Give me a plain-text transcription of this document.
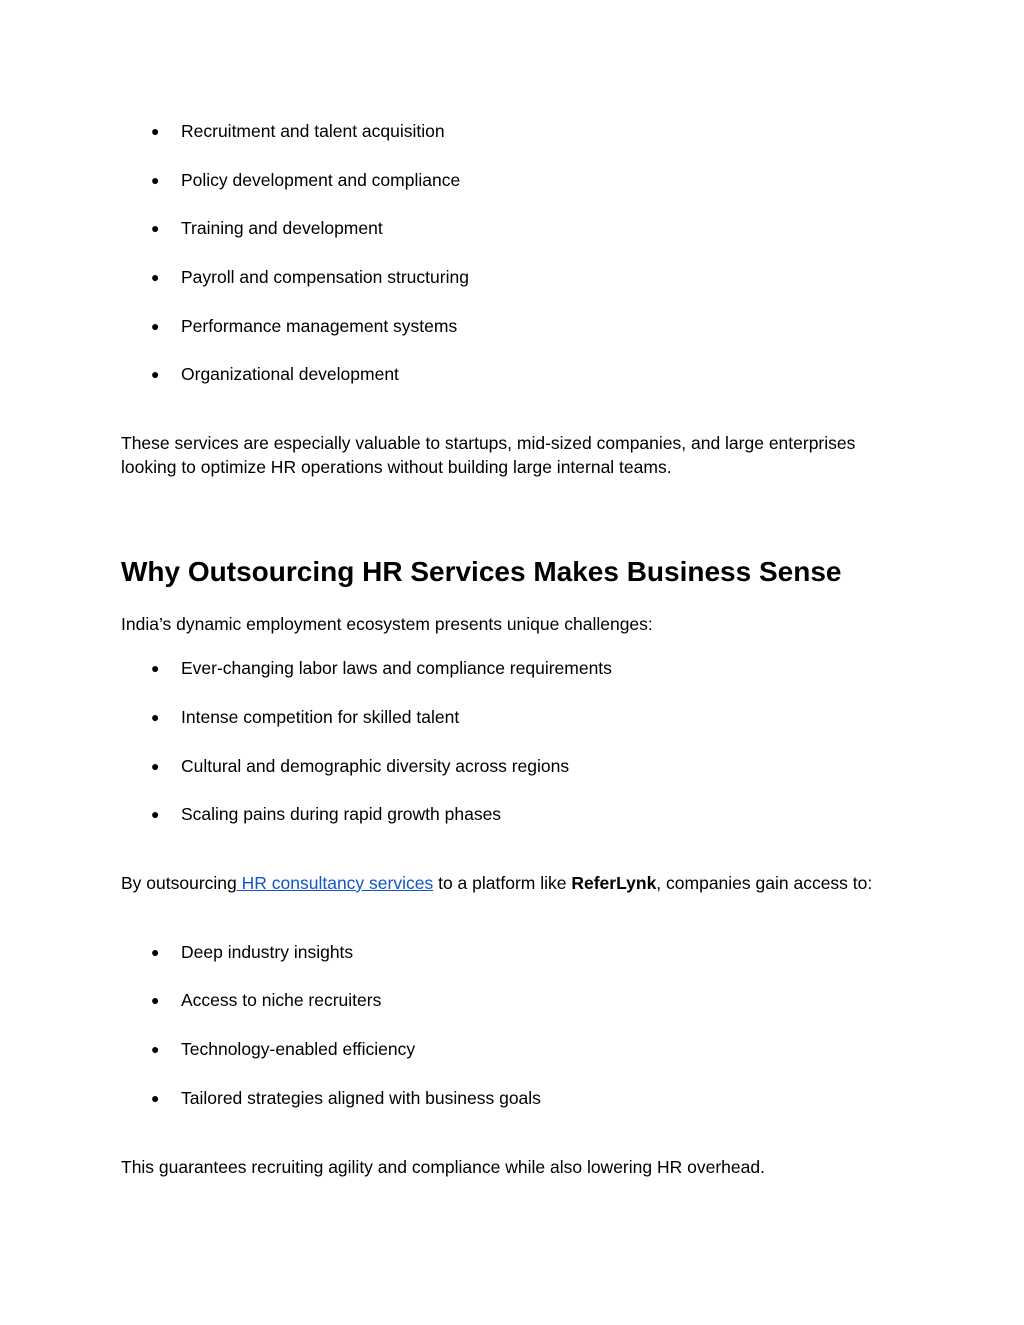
● Recruitment and talent acquisition
● Policy development and compliance
● Training and development
● Payroll and compensation structuring
● Performance management systems
● Organizational development

These services are especially valuable to startups, mid-sized companies, and large enterprises looking to optimize HR operations without building large internal teams.

Why Outsourcing HR Services Makes Business Sense

India’s dynamic employment ecosystem presents unique challenges:

● Ever-changing labor laws and compliance requirements
● Intense competition for skilled talent
● Cultural and demographic diversity across regions
● Scaling pains during rapid growth phases

By outsourcing HR consultancy services to a platform like ReferLynk, companies gain access to:

● Deep industry insights
● Access to niche recruiters
● Technology-enabled efficiency
● Tailored strategies aligned with business goals

This guarantees recruiting agility and compliance while also lowering HR overhead.
